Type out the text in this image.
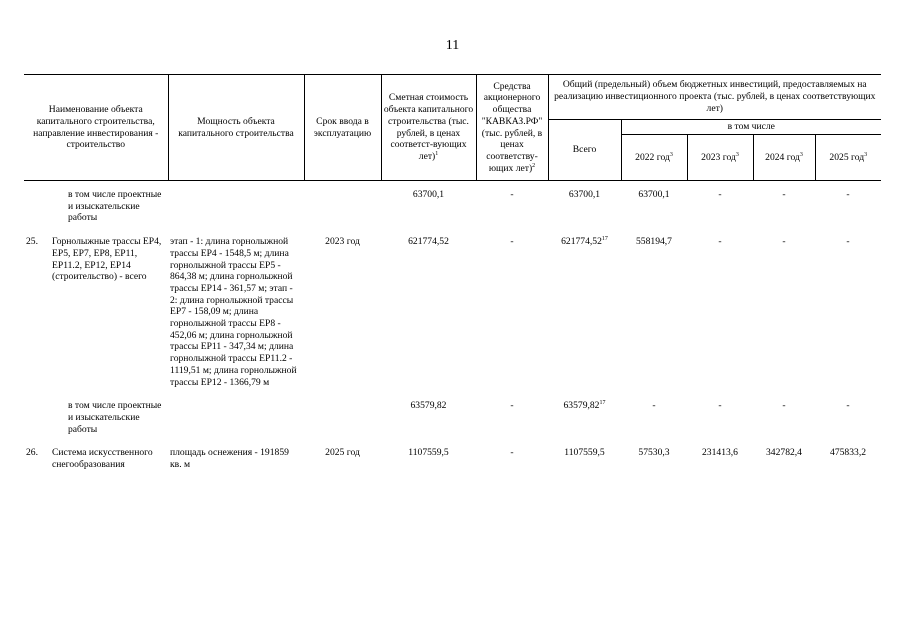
11
Наименование объекта капитального строительства, направление инвестирования - строительство		Мощность объекта капитального строительства	Срок ввода в эксплуатацию	Сметная стоимость объекта капитального строительства (тыс. рублей, в ценах соответст-вующих лет)$^1$	Средства акционерного общества "КАВКАЗ.РФ" (тыс. рублей, в ценах соответству-ющих лет)$^2$	Общий (предельный) объем бюджетных инвестиций, предоставляемых на реализацию инвестиционного проекта (тыс. рублей, в ценах соответствующих лет)				
						Всего	в том числе			
							2022 год$^3$	2023 год$^3$	2024 год$^3$	2025 год$^3$

	в том числе проектные и изыскательские работы			63700,1	-	63700,1	63700,1	-	-	-

25.	Горнолыжные трассы ЕР4, ЕР5, ЕР7, ЕР8, ЕР11, ЕР11.2, ЕР12, ЕР14 (строительство) - всего	этап - 1: длина горнолыжной трассы ЕР4 - 1548,5 м; длина горнолыжной трассы ЕР5 - 864,38 м; длина горнолыжной трассы ЕР14 - 361,57 м; этап - 2: длина горнолыжной трассы ЕР7 - 158,09 м; длина горнолыжной трассы ЕР8 - 452,06 м; длина горнолыжной трассы ЕР11 - 347,34 м; длина горнолыжной трассы ЕР11.2 - 1119,51 м; длина горнолыжной трассы ЕР12 - 1366,79 м	2023 год	621774,52	-	621774,52$^{17}$	558194,7	-	-	-

	в том числе проектные и изыскательские работы			63579,82	-	63579,82$^{17}$	-	-	-	-

26.	Система искусственного снегообразования	площадь оснежения - 191859 кв. м	2025 год	1107559,5	-	1107559,5	57530,3	231413,6	342782,4	475833,2
